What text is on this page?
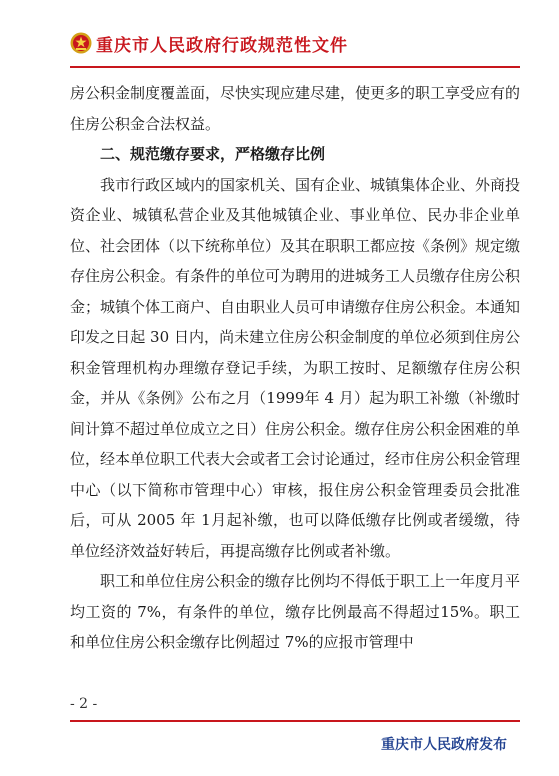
重庆市人民政府行政规范性文件

房公积金制度覆盖面，尽快实现应建尽建，使更多的职工享受应有的住房公积金合法权益。

二、规范缴存要求，严格缴存比例

我市行政区域内的国家机关、国有企业、城镇集体企业、外商投资企业、城镇私营企业及其他城镇企业、事业单位、民办非企业单位、社会团体（以下统称单位）及其在职职工都应按《条例》规定缴存住房公积金。有条件的单位可为聘用的进城务工人员缴存住房公积金；城镇个体工商户、自由职业人员可申请缴存住房公积金。本通知印发之日起 30 日内，尚未建立住房公积金制度的单位必须到住房公积金管理机构办理缴存登记手续，为职工按时、足额缴存住房公积金，并从《条例》公布之月（1999年 4 月）起为职工补缴（补缴时间计算不超过单位成立之日）住房公积金。缴存住房公积金困难的单位，经本单位职工代表大会或者工会讨论通过，经市住房公积金管理中心（以下简称市管理中心）审核，报住房公积金管理委员会批准后，可从 2005 年 1月起补缴，也可以降低缴存比例或者缓缴，待单位经济效益好转后，再提高缴存比例或者补缴。

职工和单位住房公积金的缴存比例均不得低于职工上一年度月平均工资的 7%，有条件的单位，缴存比例最高不得超过15%。职工和单位住房公积金缴存比例超过 7%的应报市管理中

- 2 -
重庆市人民政府发布
